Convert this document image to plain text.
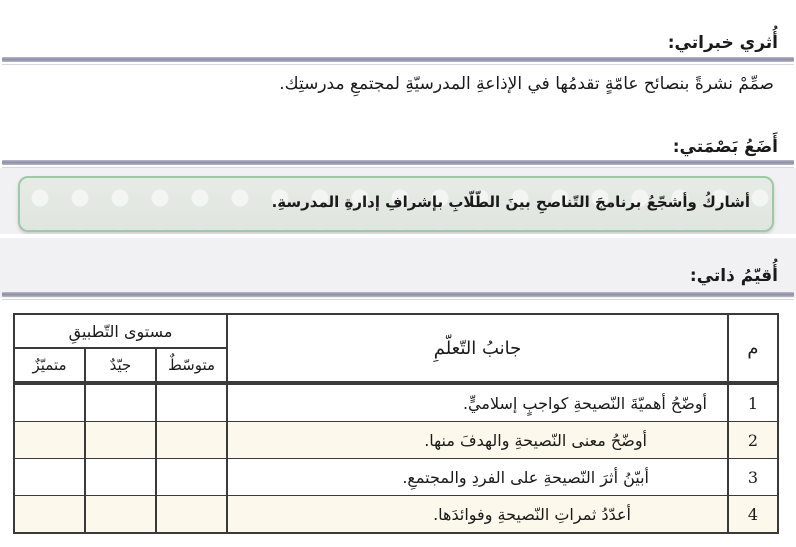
أُثري خبراتي:
صمِّمْ نشرةً بنصائح عامّةٍ تقدمُها في الإذاعةِ المدرسيّةِ لمجتمعِ مدرستِك.
أَضَعُ بَصْمَتي:
أشاركُ وأشجّعُ برنامجَ التّناصحِ بينَ الطّلّابِ بإشرافِ إدارةِ المدرسةِ.
أُقيّمُ ذاتي:
م
جانبُ التّعلّمِ
مستوى التّطبيقِ
متوسّطٌ
جيّدٌ
متميّزٌ
1
أوضّحُ أهميّةَ النّصيحةِ كواجبٍ إسلاميٍّ.
2
أوضّحُ معنى النّصيحةِ والهدفَ منها.
3
أبيّنُ أثرَ النّصيحةِ على الفردِ والمجتمعِ.
4
أعدّدُ ثمراتِ النّصيحةِ وفوائدَها.
